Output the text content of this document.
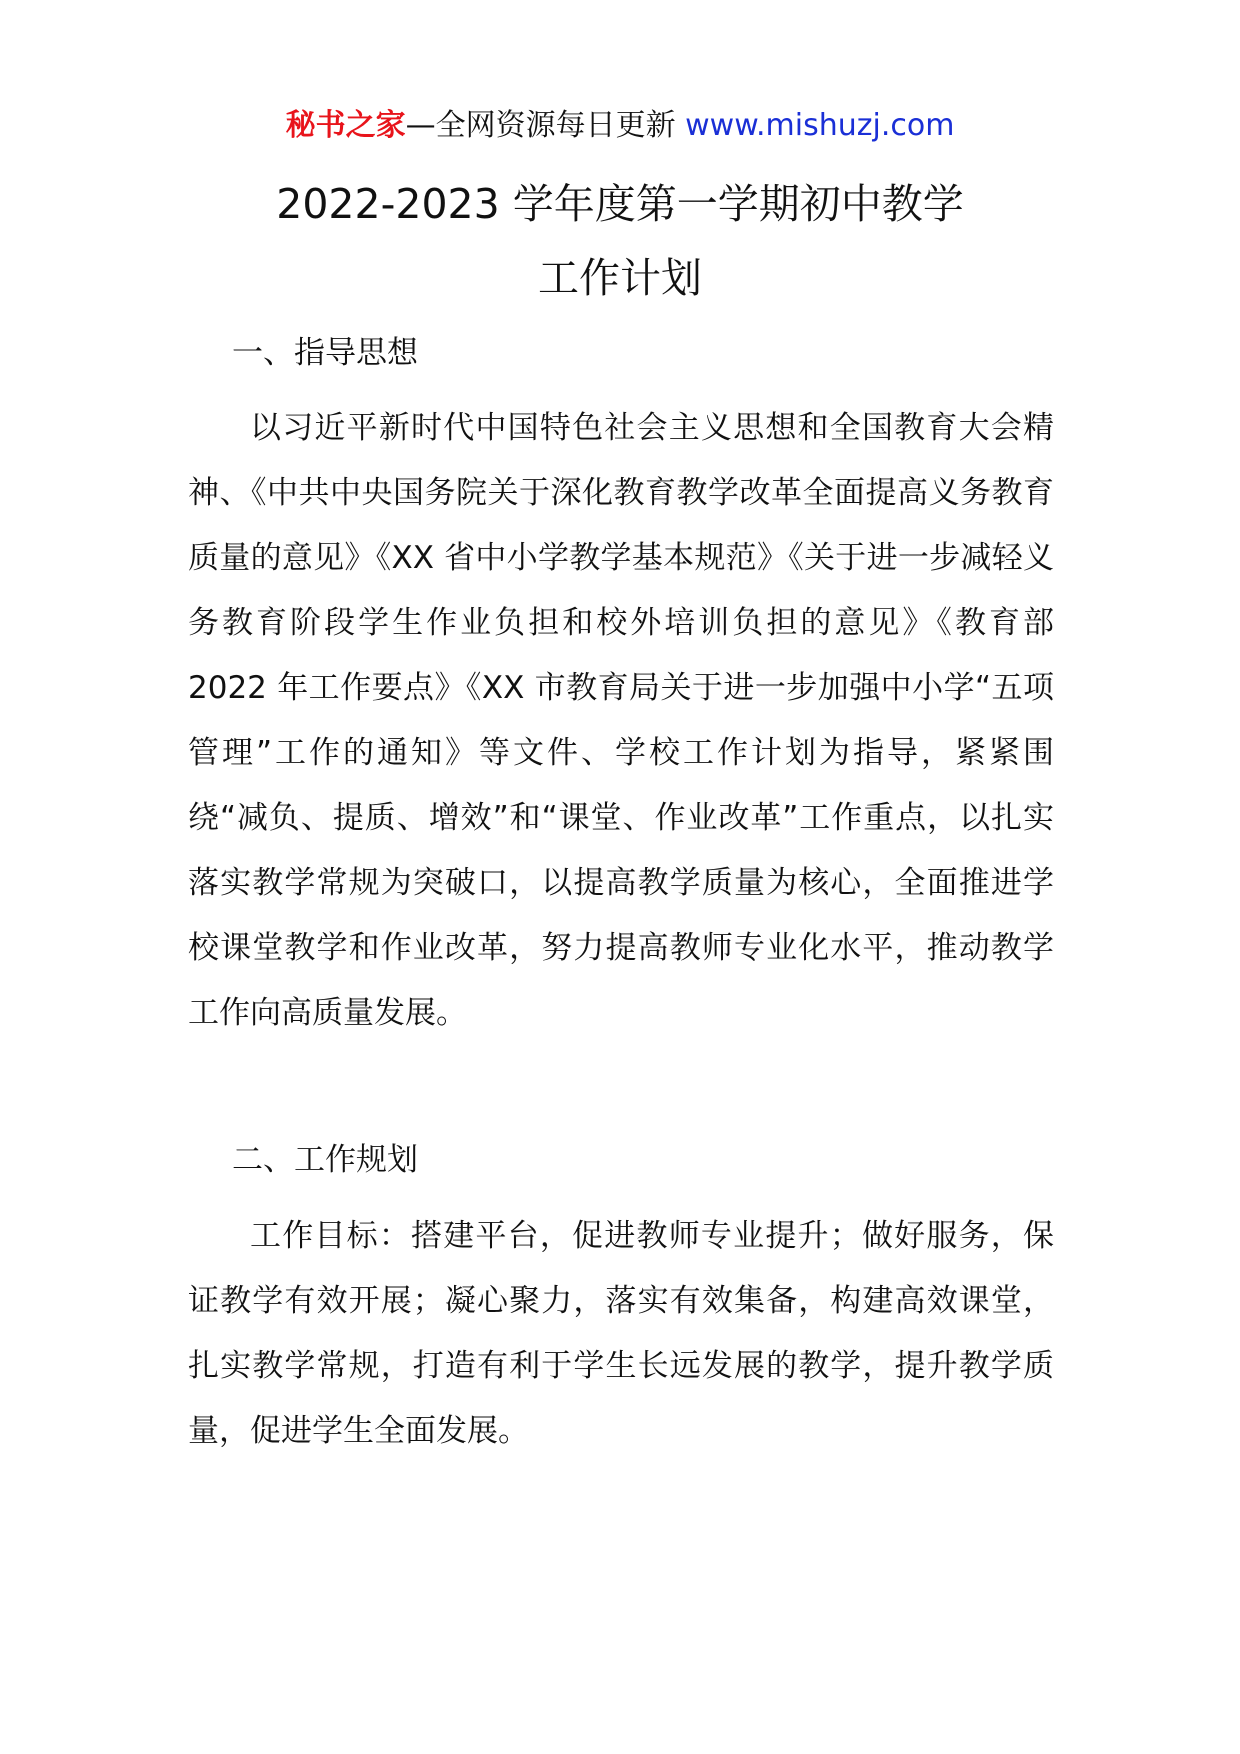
秘书之家—全网资源每日更新 www.mishuzj.com
2022-2023 学年度第一学期初中教学
工作计划
一、指导思想

以习近平新时代中国特色社会主义思想和全国教育大会精神、《中共中央国务院关于深化教育教学改革全面提高义务教育质量的意见》《XX 省中小学教学基本规范》《关于进一步减轻义务教育阶段学生作业负担和校外培训负担的意见》《教育部 2022 年工作要点》《XX 市教育局关于进一步加强中小学“五项管理”工作的通知》等文件、学校工作计划为指导，紧紧围绕“减负、提质、增效”和“课堂、作业改革”工作重点，以扎实落实教学常规为突破口，以提高教学质量为核心，全面推进学校课堂教学和作业改革，努力提高教师专业化水平，推动教学工作向高质量发展。

二、工作规划

工作目标：搭建平台，促进教师专业提升；做好服务，保证教学有效开展；凝心聚力，落实有效集备，构建高效课堂，扎实教学常规，打造有利于学生长远发展的教学，提升教学质量，促进学生全面发展。
